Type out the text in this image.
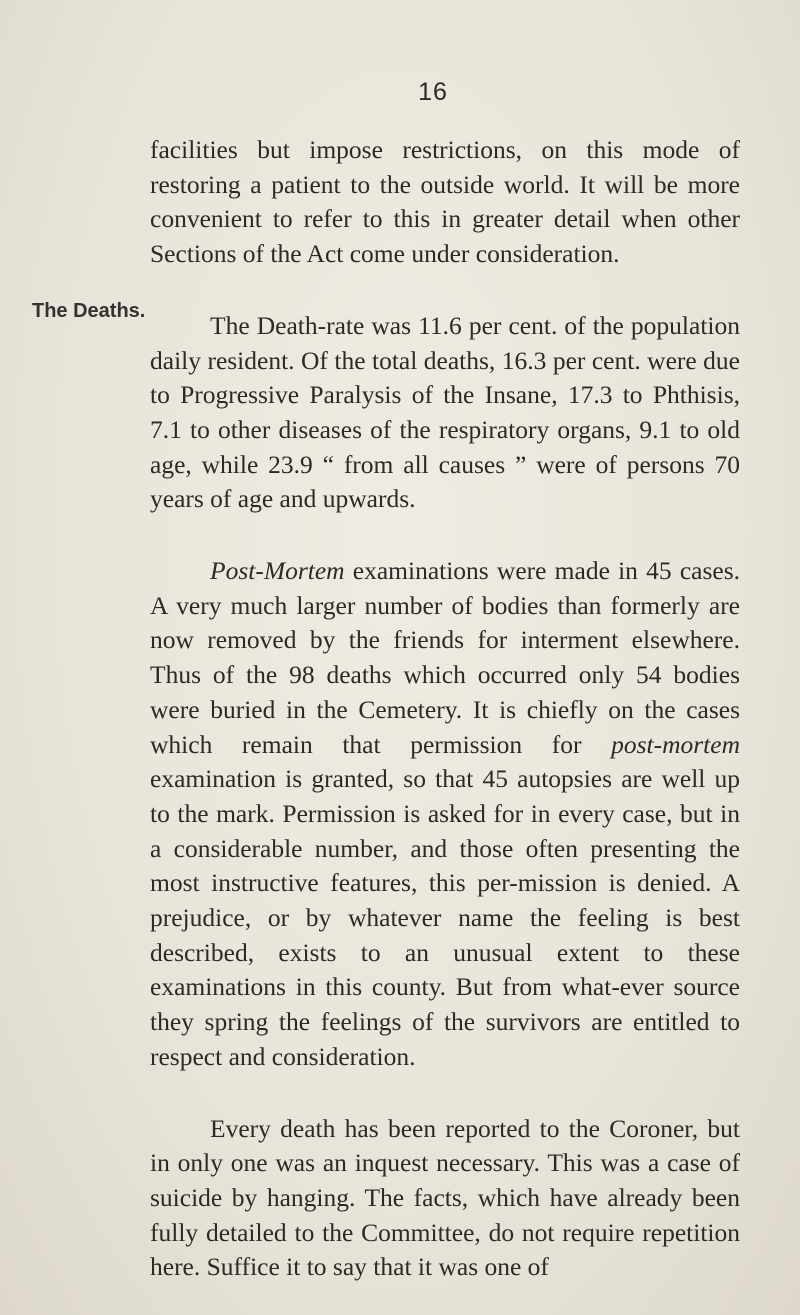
16
The Deaths.

facilities but impose restrictions, on this mode of restoring a patient to the outside world. It will be more convenient to refer to this in greater detail when other Sections of the Act come under consideration.

The Death-rate was 11.6 per cent. of the population daily resident. Of the total deaths, 16.3 per cent. were due to Progressive Paralysis of the Insane, 17.3 to Phthisis, 7.1 to other diseases of the respiratory organs, 9.1 to old age, while 23.9 “ from all causes ” were of persons 70 years of age and upwards.

Post-Mortem examinations were made in 45 cases. A very much larger number of bodies than formerly are now removed by the friends for interment elsewhere. Thus of the 98 deaths which occurred only 54 bodies were buried in the Cemetery. It is chiefly on the cases which remain that permission for post-mortem examination is granted, so that 45 autopsies are well up to the mark. Permission is asked for in every case, but in a considerable number, and those often presenting the most instructive features, this per-mission is denied. A prejudice, or by whatever name the feeling is best described, exists to an unusual extent to these examinations in this county. But from what-ever source they spring the feelings of the survivors are entitled to respect and consideration.

Every death has been reported to the Coroner, but in only one was an inquest necessary. This was a case of suicide by hanging. The facts, which have already been fully detailed to the Committee, do not require repetition here. Suffice it to say that it was one of
